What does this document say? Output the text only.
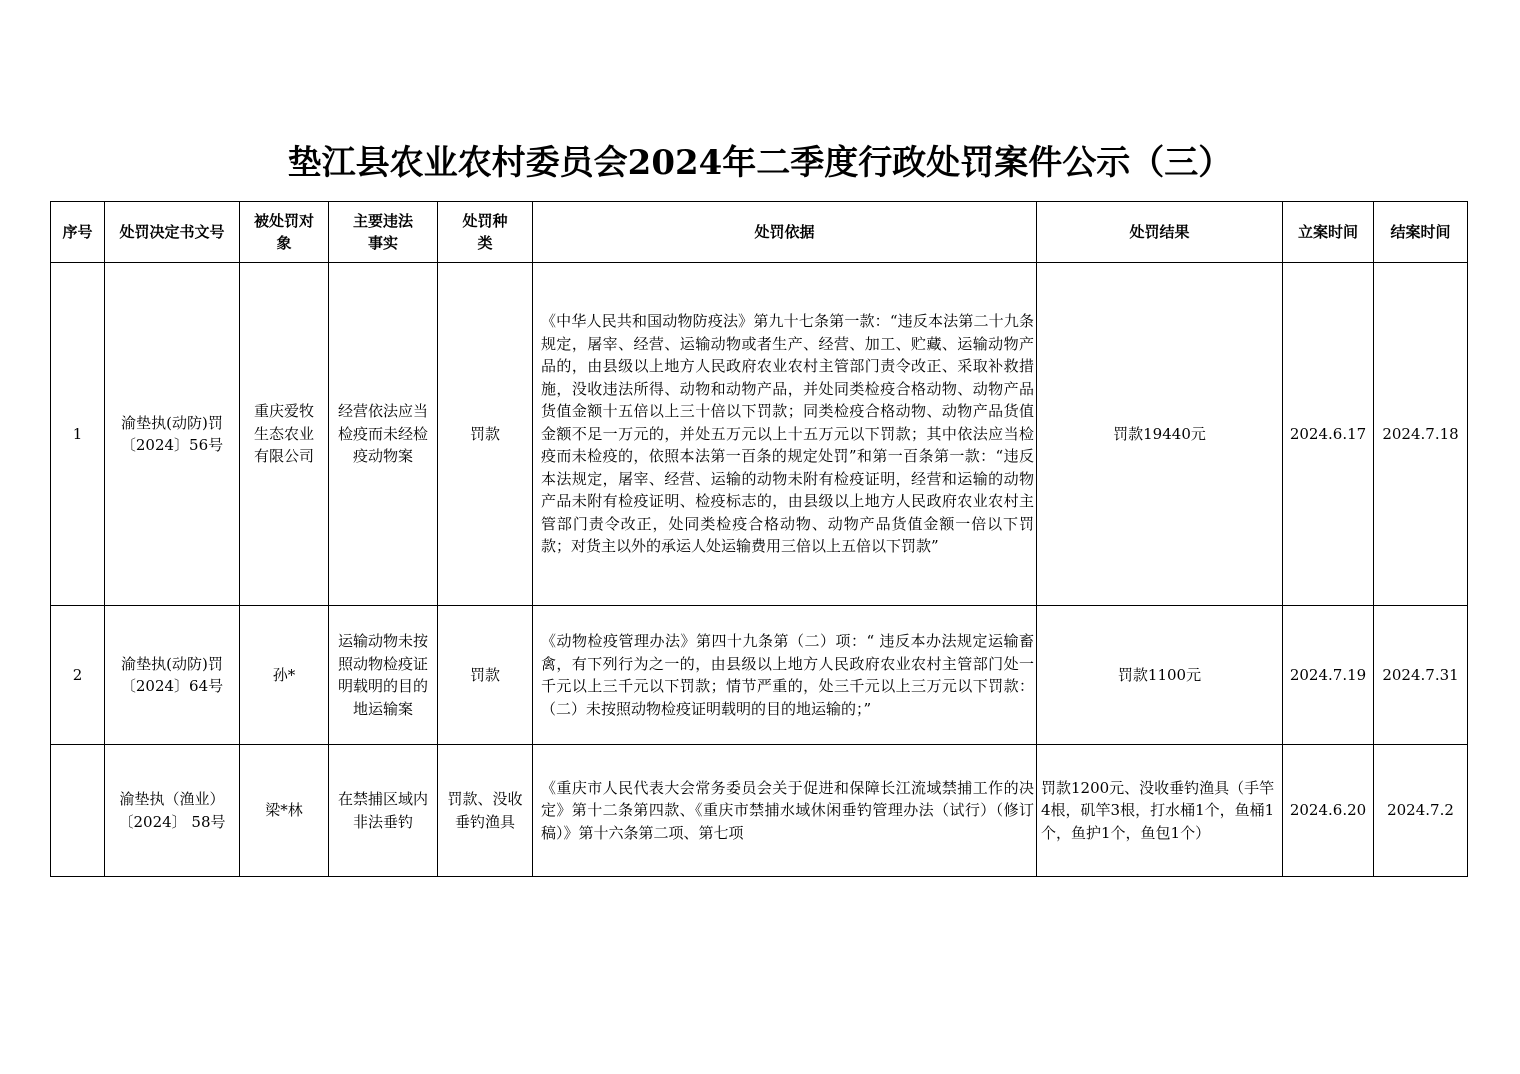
垫江县农业农村委员会2024年二季度行政处罚案件公示（三）
序号	处罚决定书文号	被处罚对象	主要违法事实	处罚种类	处罚依据	处罚结果	立案时间	结案时间
1	渝垫执(动防)罚〔2024〕56号	重庆爱牧生态农业有限公司	经营依法应当检疫而未经检疫动物案	罚款	《中华人民共和国动物防疫法》第九十七条第一款：“违反本法第二十九条规定，屠宰、经营、运输动物或者生产、经营、加工、贮藏、运输动物产品的，由县级以上地方人民政府农业农村主管部门责令改正、采取补救措施，没收违法所得、动物和动物产品，并处同类检疫合格动物、动物产品货值金额十五倍以上三十倍以下罚款；同类检疫合格动物、动物产品货值金额不足一万元的，并处五万元以上十五万元以下罚款；其中依法应当检疫而未检疫的，依照本法第一百条的规定处罚”和第一百条第一款：“违反本法规定，屠宰、经营、运输的动物未附有检疫证明，经营和运输的动物产品未附有检疫证明、检疫标志的，由县级以上地方人民政府农业农村主管部门责令改正，处同类检疫合格动物、动物产品货值金额一倍以下罚款；对货主以外的承运人处运输费用三倍以上五倍以下罚款”	罚款19440元	2024.6.17	2024.7.18
2	渝垫执(动防)罚〔2024〕64号	孙*	运输动物未按照动物检疫证明载明的目的地运输案	罚款	《动物检疫管理办法》第四十九条第（二）项：“ 违反本办法规定运输畜禽，有下列行为之一的，由县级以上地方人民政府农业农村主管部门处一千元以上三千元以下罚款；情节严重的，处三千元以上三万元以下罚款：（二）未按照动物检疫证明载明的目的地运输的；”	罚款1100元	2024.7.19	2024.7.31
	渝垫执（渔业）〔2024〕 58号	梁*林	在禁捕区域内非法垂钓	罚款、没收垂钓渔具	《重庆市人民代表大会常务委员会关于促进和保障长江流域禁捕工作的决定》第十二条第四款、《重庆市禁捕水域休闲垂钓管理办法（试行）（修订稿）》第十六条第二项、第七项	罚款1200元、没收垂钓渔具（手竿4根，矶竿3根，打水桶1个，鱼桶1个，鱼护1个，鱼包1个）	2024.6.20	2024.7.2
